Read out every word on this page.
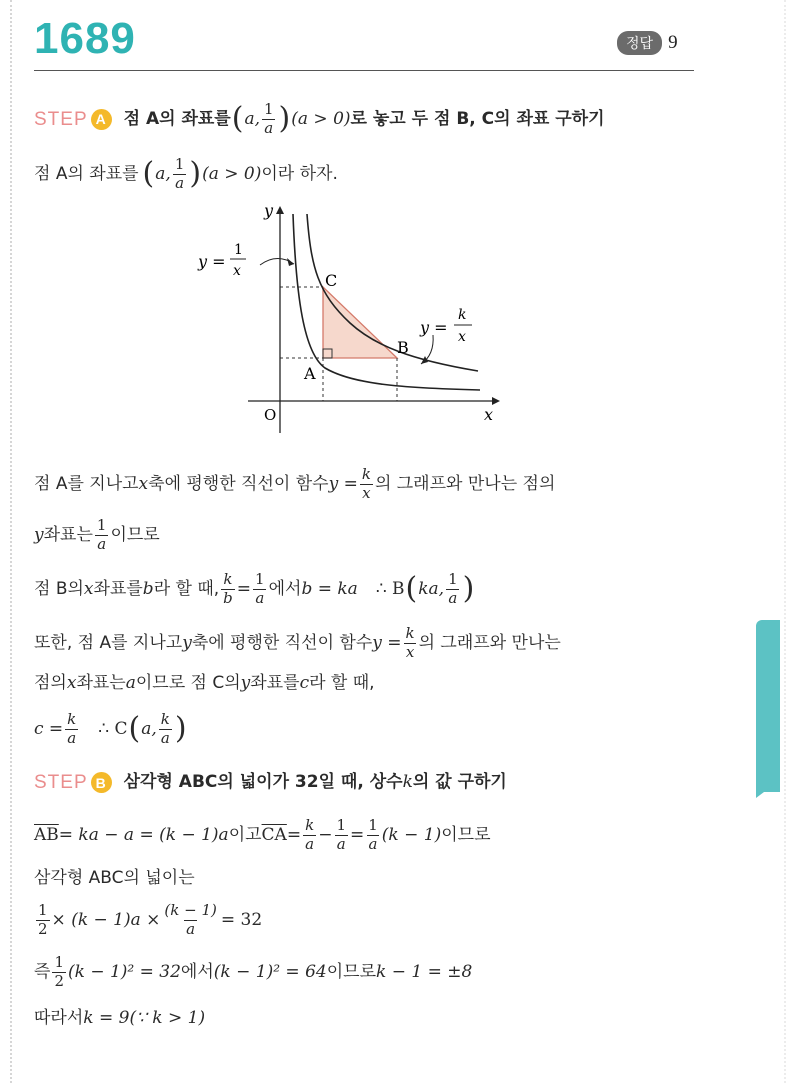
1689	정답 9
STEP A 점 A의 좌표를 ( a, $\frac{1}{a}$ ) (a > 0) 로 놓고 두 점 B, C의 좌표 구하기
점 A의 좌표를 ( a, $\frac{1}{a}$ ) (a > 0) 이라 하자.
y =
1
x
y =
k
x
y
x
O
C
B
A
점 A를 지나고 x 축에 평행한 직선이 함수 $y = \frac{k}{x}$ 의 그래프와 만나는 점의
y 좌표는 $\frac{1}{a}$ 이므로
점 B의 x 좌표를 b 라 할 때, $\frac{k}{b} = \frac{1}{a}$ 에서 b = ka ∴ B ( ka, $\frac{1}{a}$ )
또한, 점 A를 지나고 y 축에 평행한 직선이 함수 $y = \frac{k}{x}$ 의 그래프와 만나는
점의 x 좌표는 a 이므로 점 C의 y 좌표를 c 라 할 때,
$c = \frac{k}{a}$ ∴ C ( a, $\frac{k}{a}$ )
STEP B 삼각형 ABC의 넓이가 32일 때, 상수 k 의 값 구하기
$\overline{AB}$ = ka − a = (k − 1)a 이고 $\overline{CA} = \frac{k}{a} - \frac{1}{a} = \frac{1}{a} (k - 1)$ 이므로
삼각형 ABC의 넓이는
$\frac{1}{2} \times (k - 1)a \times \frac{(k - 1)}{a} = 32$
즉 $\frac{1}{2} (k - 1)^2 = 32$ 에서 (k − 1)² = 64 이므로 k − 1 = ±8
따라서 k = 9(∵ k > 1)
